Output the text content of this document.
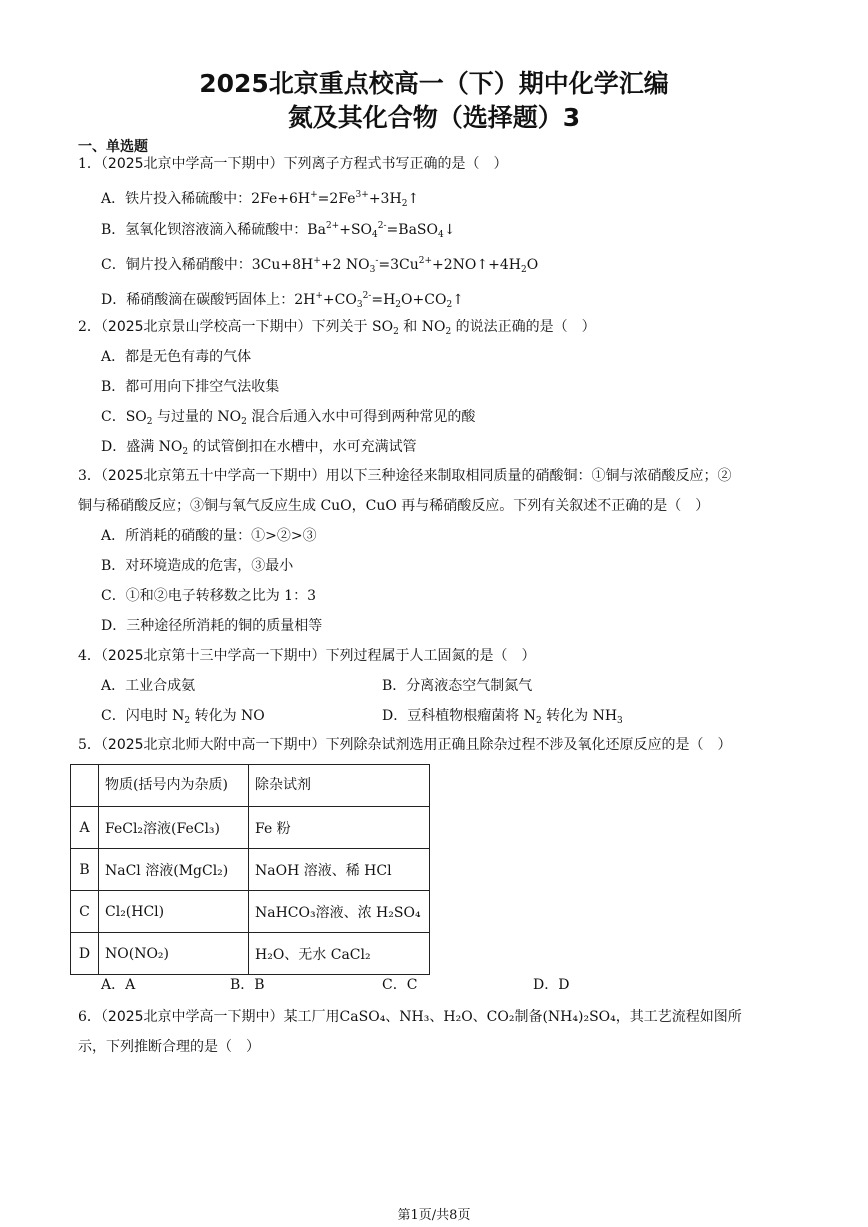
2025北京重点校高一（下）期中化学汇编
氮及其化合物（选择题）3
一、单选题
1．（2025北京中学高一下期中）下列离子方程式书写正确的是（　）
A．铁片投入稀硫酸中：$2Fe+6H^+=2Fe^{3+}+3H_2↑$
B．氢氧化钡溶液滴入稀硫酸中：$Ba^{2+}+SO_4^{2-}=BaSO_4↓$
C．铜片投入稀硝酸中：3Cu+8H++2 $NO_3^-=3Cu^{2+}+2NO↑+4H_2O$
D．稀硝酸滴在碳酸钙固体上：$2H^++CO_3^{2-}=H_2O+CO_2↑$
2．（2025北京景山学校高一下期中）下列关于 $SO_2$ 和 $NO_2$ 的说法正确的是（　）
A．都是无色有毒的气体
B．都可用向下排空气法收集
C．$SO_2$ 与过量的 $NO_2$ 混合后通入水中可得到两种常见的酸
D．盛满 $NO_2$ 的试管倒扣在水槽中，水可充满试管
3．（2025北京第五十中学高一下期中）用以下三种途径来制取相同质量的硝酸铜：①铜与浓硝酸反应；②
铜与稀硝酸反应；③铜与氧气反应生成 CuO，CuO 再与稀硝酸反应。下列有关叙述不正确的是（　）
A．所消耗的硝酸的量：①>②>③
B．对环境造成的危害，③最小
C．①和②电子转移数之比为 1：3
D．三种途径所消耗的铜的质量相等
4．（2025北京第十三中学高一下期中）下列过程属于人工固氮的是（　）
A．工业合成氨	B．分离液态空气制氮气
C．闪电时 $N_2$ 转化为 NO	D．豆科植物根瘤菌将 $N_2$ 转化为 $NH_3$
5．（2025北京北师大附中高一下期中）下列除杂试剂选用正确且除杂过程不涉及氧化还原反应的是（　）
	物质(括号内为杂质)	除杂试剂
A	FeCl₂溶液(FeCl₃)	Fe 粉
B	NaCl 溶液(MgCl₂)	NaOH 溶液、稀 HCl
C	Cl₂(HCl)	NaHCO₃溶液、浓 H₂SO₄
D	NO(NO₂)	H₂O、无水 CaCl₂
A．A	B．B	C．C	D．D
6．（2025北京中学高一下期中）某工厂用CaSO₄、NH₃、H₂O、CO₂制备(NH₄)₂SO₄，其工艺流程如图所
示，下列推断合理的是（　）
第1页/共8页
